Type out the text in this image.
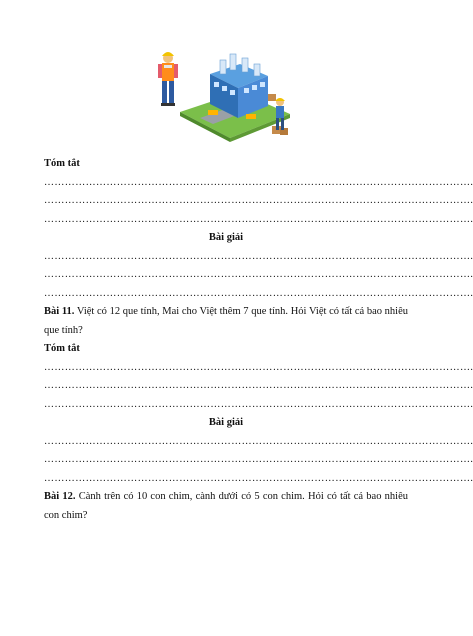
Tóm tắt
…………………………………………………………………………………………………………….
…………………………………………………………………………………………………………….
…………………………………………………………………………………………………………….
Bài giải
…………………………………………………………………………………………………………….
…………………………………………………………………………………………………………….
…………………………………………………………………………………………………………….
Bài 11. Việt có 12 que tính, Mai cho Việt thêm 7 que tính. Hỏi Việt có tất cả bao nhiêu que tính?
Tóm tắt
…………………………………………………………………………………………………………….
…………………………………………………………………………………………………………….
…………………………………………………………………………………………………………….
Bài giải
…………………………………………………………………………………………………………….
…………………………………………………………………………………………………………….
…………………………………………………………………………………………………………….
Bài 12. Cành trên có 10 con chim, cành dưới có 5 con chim. Hỏi có tất cả bao nhiêu con chim?
